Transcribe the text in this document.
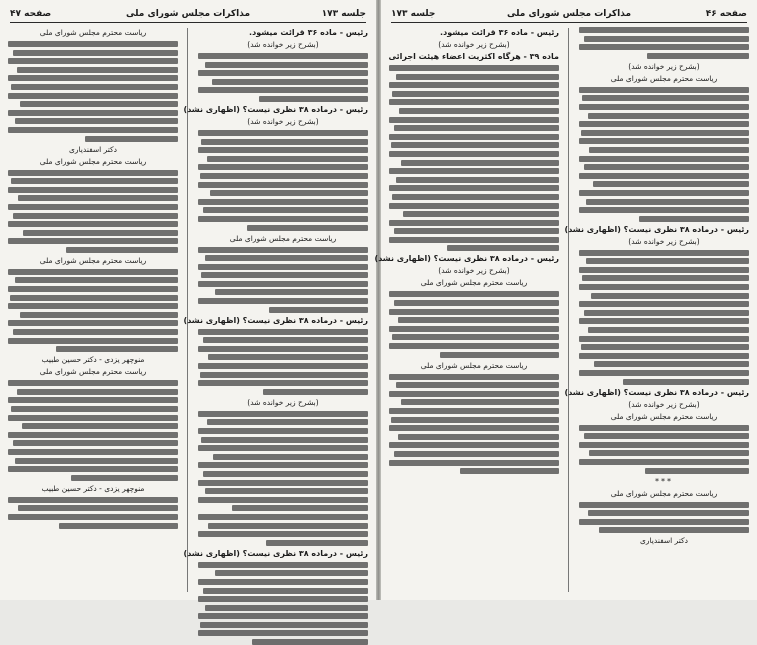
جلسه ۱۷۳
مذاکرات مجلس شورای ملی
صفحه ۴۷
رئیس - ماده ۳۶ قرائت میشود.
(بشرح زیر خوانده شد)
رئیس - درماده ۳۸ نظری نیست؟ (اظهاری نشد)
(بشرح زیر خوانده شد)
ریاست محترم مجلس شورای ملی
رئیس - درماده ۳۸ نظری نیست؟ (اظهاری نشد)
(بشرح زیر خوانده شد)
رئیس - درماده ۳۸ نظری نیست؟ (اظهاری نشد)
ریاست محترم مجلس شورای ملی
دکتر اسفندیاری
ریاست محترم مجلس شورای ملی
ریاست محترم مجلس شورای ملی
منوچهر یزدی - دکتر حسین طبیب
ریاست محترم مجلس شورای ملی
منوچهر یزدی - دکتر حسین طبیب
صفحه ۴۶
مذاکرات مجلس شورای ملی
جلسه ۱۷۳
(بشرح زیر خوانده شد)
ریاست محترم مجلس شورای ملی
رئیس - درماده ۳۸ نظری نیست؟ (اظهاری نشد)
(بشرح زیر خوانده شد)
رئیس - درماده ۳۸ نظری نیست؟ (اظهاری نشد)
(بشرح زیر خوانده شد)
ریاست محترم مجلس شورای ملی
***
ریاست محترم مجلس شورای ملی
دکتر اسفندیاری
رئیس - ماده ۳۶ قرائت میشود.
(بشرح زیر خوانده شد)
ماده ۳۹ - هرگاه اکثریت اعضاء هیئت اجرائی
رئیس - درماده ۳۸ نظری نیست؟ (اظهاری نشد)
(بشرح زیر خوانده شد)
ریاست محترم مجلس شورای ملی
ریاست محترم مجلس شورای ملی
